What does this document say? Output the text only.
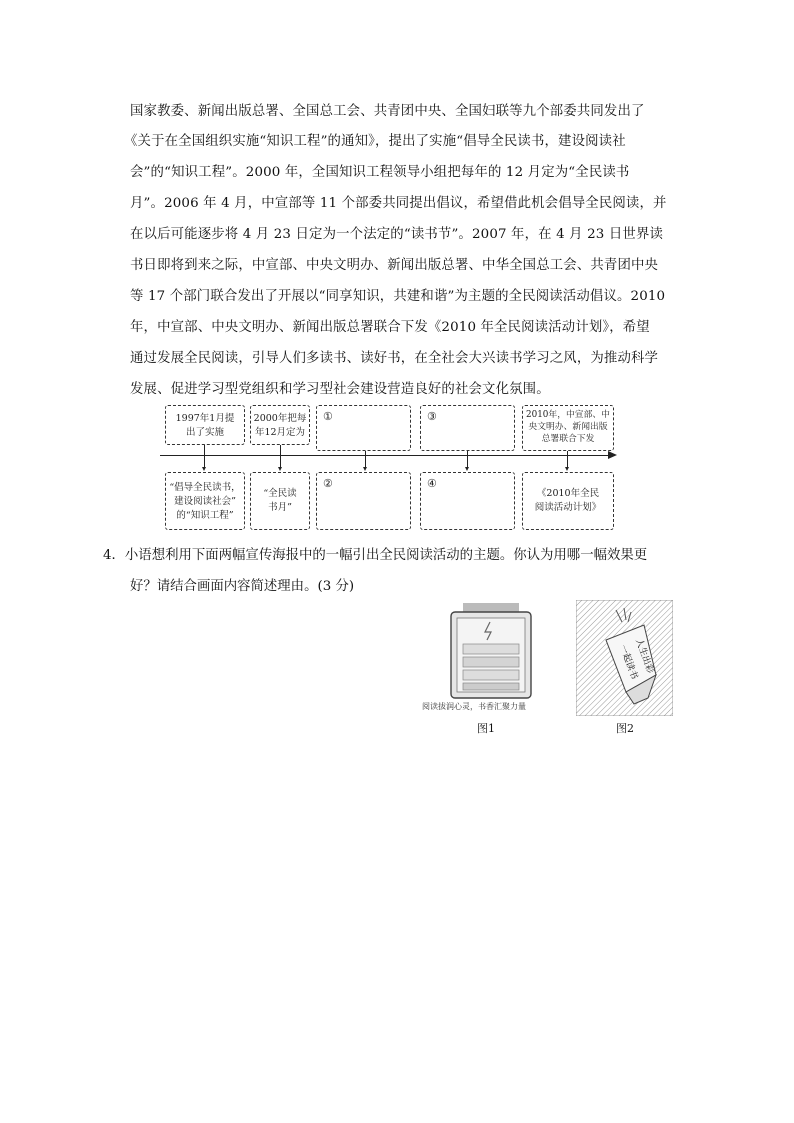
国家教委、新闻出版总署、全国总工会、共青团中央、全国妇联等九个部委共同发出了
《关于在全国组织实施“知识工程”的通知》，提出了实施“倡导全民读书，建设阅读社
会”的“知识工程”。2000 年，全国知识工程领导小组把每年的 12 月定为“全民读书
月”。2006 年 4 月，中宣部等 11 个部委共同提出倡议，希望借此机会倡导全民阅读，并
在以后可能逐步将 4 月 23 日定为一个法定的“读书节”。2007 年，在 4 月 23 日世界读
书日即将到来之际，中宣部、中央文明办、新闻出版总署、中华全国总工会、共青团中央
等 17 个部门联合发出了开展以“同享知识，共建和谐”为主题的全民阅读活动倡议。2010
年，中宣部、中央文明办、新闻出版总署联合下发《2010 年全民阅读活动计划》，希望
通过发展全民阅读，引导人们多读书、读好书，在全社会大兴读书学习之风，为推动科学
发展、促进学习型党组织和学习型社会建设营造良好的社会文化氛围。
1997年1月提
出了实施
2000年把每
年12月定为
①	③	2010年，中宣部、中
央文明办、新闻出版
总署联合下发
“倡导全民读书，
建设阅读社会”
的“知识工程”
“全民读
书月”
②	④
《2010年全民
阅读活动计划》
4．小语想利用下面两幅宣传海报中的一幅引出全民阅读活动的主题。你认为用哪一幅效果更
好？请结合画面内容简述理由。(3 分)
阅读拔润心灵，书香汇聚力量
图1
人生出彩
一起读书
图2
